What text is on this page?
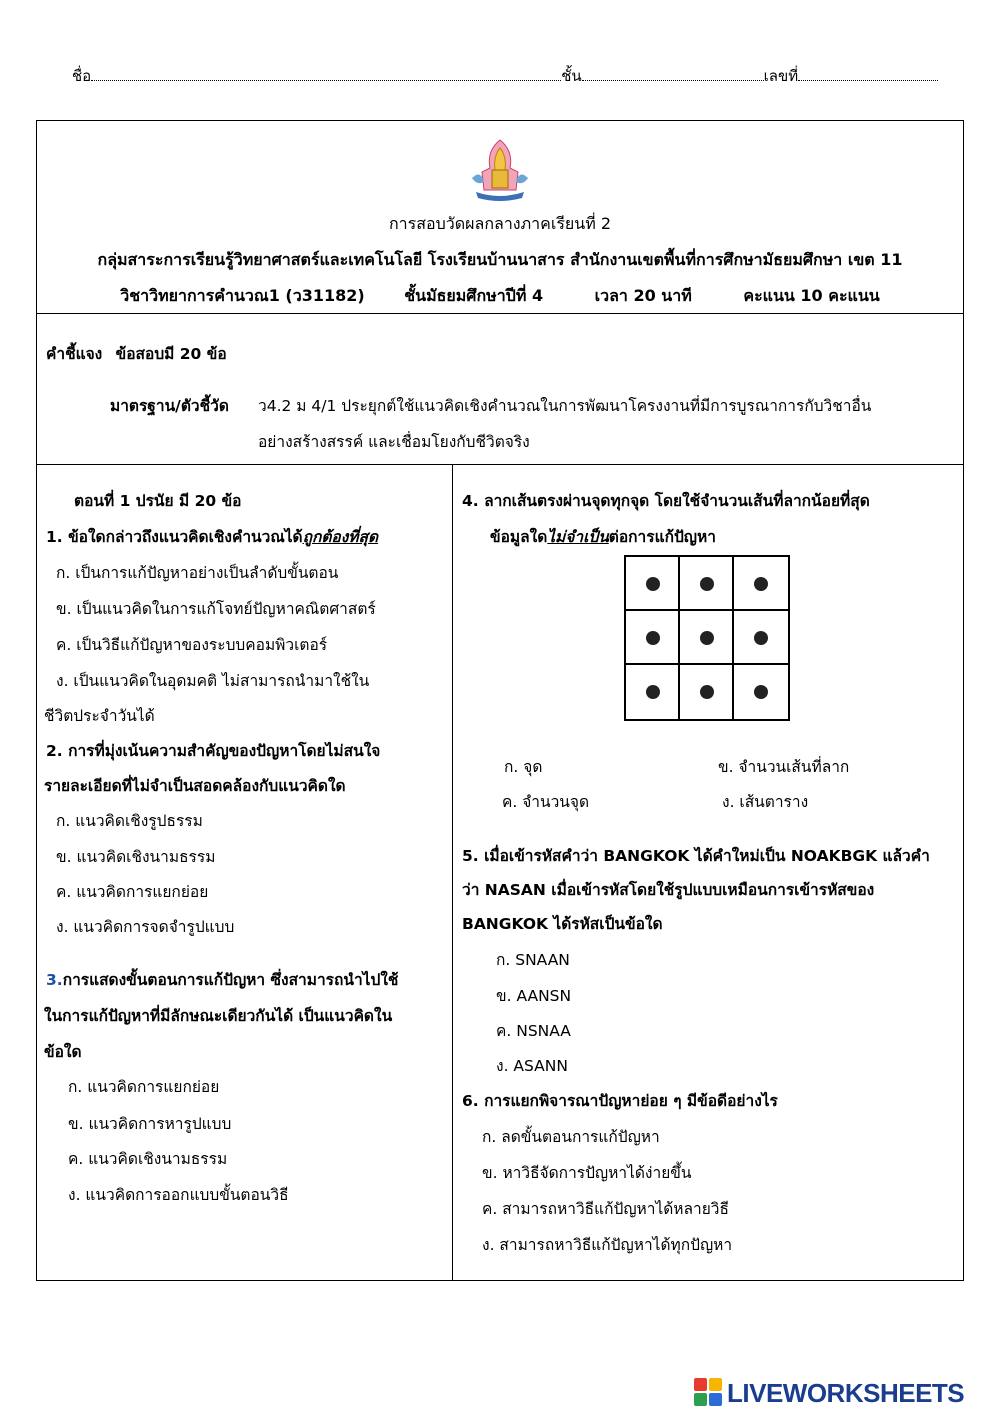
ชื่อ	ชั้น	เลขที่
การสอบวัดผลกลางภาคเรียนที่ 2
กลุ่มสาระการเรียนรู้วิทยาศาสตร์และเทคโนโลยี โรงเรียนบ้านนาสาร สำนักงานเขตพื้นที่การศึกษามัธยมศึกษา เขต 11
วิชาวิทยาการคำนวณ1 (ว31182) ชั้นมัธยมศึกษาปีที่ 4	เวลา 20 นาที	คะแนน 10 คะแนน
คำชี้แจง ข้อสอบมี 20 ข้อ
มาตรฐาน/ตัวชี้วัด ว4.2 ม 4/1 ประยุกต์ใช้แนวคิดเชิงคำนวณในการพัฒนาโครงงานที่มีการบูรณาการกับวิชาอื่น
อย่างสร้างสรรค์ และเชื่อมโยงกับชีวิตจริง
ตอนที่ 1 ปรนัย มี 20 ข้อ
1. ข้อใดกล่าวถึงแนวคิดเชิงคำนวณได้ถูกต้องที่สุด
ก. เป็นการแก้ปัญหาอย่างเป็นลำดับขั้นตอน
ข. เป็นแนวคิดในการแก้โจทย์ปัญหาคณิตศาสตร์
ค. เป็นวิธีแก้ปัญหาของระบบคอมพิวเตอร์
ง. เป็นแนวคิดในอุดมคติ ไม่สามารถนำมาใช้ใน
ชีวิตประจำวันได้
2. การที่มุ่งเน้นความสำคัญของปัญหาโดยไม่สนใจ
รายละเอียดที่ไม่จำเป็นสอดคล้องกับแนวคิดใด
ก. แนวคิดเชิงรูปธรรม
ข. แนวคิดเชิงนามธรรม
ค. แนวคิดการแยกย่อย
ง. แนวคิดการจดจำรูปแบบ
3.การแสดงขั้นตอนการแก้ปัญหา ซึ่งสามารถนำไปใช้
ในการแก้ปัญหาที่มีลักษณะเดียวกันได้ เป็นแนวคิดใน
ข้อใด
ก. แนวคิดการแยกย่อย
ข. แนวคิดการหารูปแบบ
ค. แนวคิดเชิงนามธรรม
ง. แนวคิดการออกแบบขั้นตอนวิธี
4. ลากเส้นตรงผ่านจุดทุกจุด โดยใช้จำนวนเส้นที่ลากน้อยที่สุด
ข้อมูลใดไม่จำเป็นต่อการแก้ปัญหา
ก. จุด	ข. จำนวนเส้นที่ลาก
ค. จำนวนจุด	ง. เส้นตาราง
5. เมื่อเข้ารหัสคำว่า BANGKOK ได้คำใหม่เป็น NOAKBGK แล้วคำ
ว่า NASAN เมื่อเข้ารหัสโดยใช้รูปแบบเหมือนการเข้ารหัสของ
BANGKOK ได้รหัสเป็นข้อใด
ก. SNAAN
ข. AANSN
ค. NSNAA
ง. ASANN
6. การแยกพิจารณาปัญหาย่อย ๆ มีข้อดีอย่างไร
ก. ลดขั้นตอนการแก้ปัญหา
ข. หาวิธีจัดการปัญหาได้ง่ายขึ้น
ค. สามารถหาวิธีแก้ปัญหาได้หลายวิธี
ง. สามารถหาวิธีแก้ปัญหาได้ทุกปัญหา
LIVEWORKSHEETS
